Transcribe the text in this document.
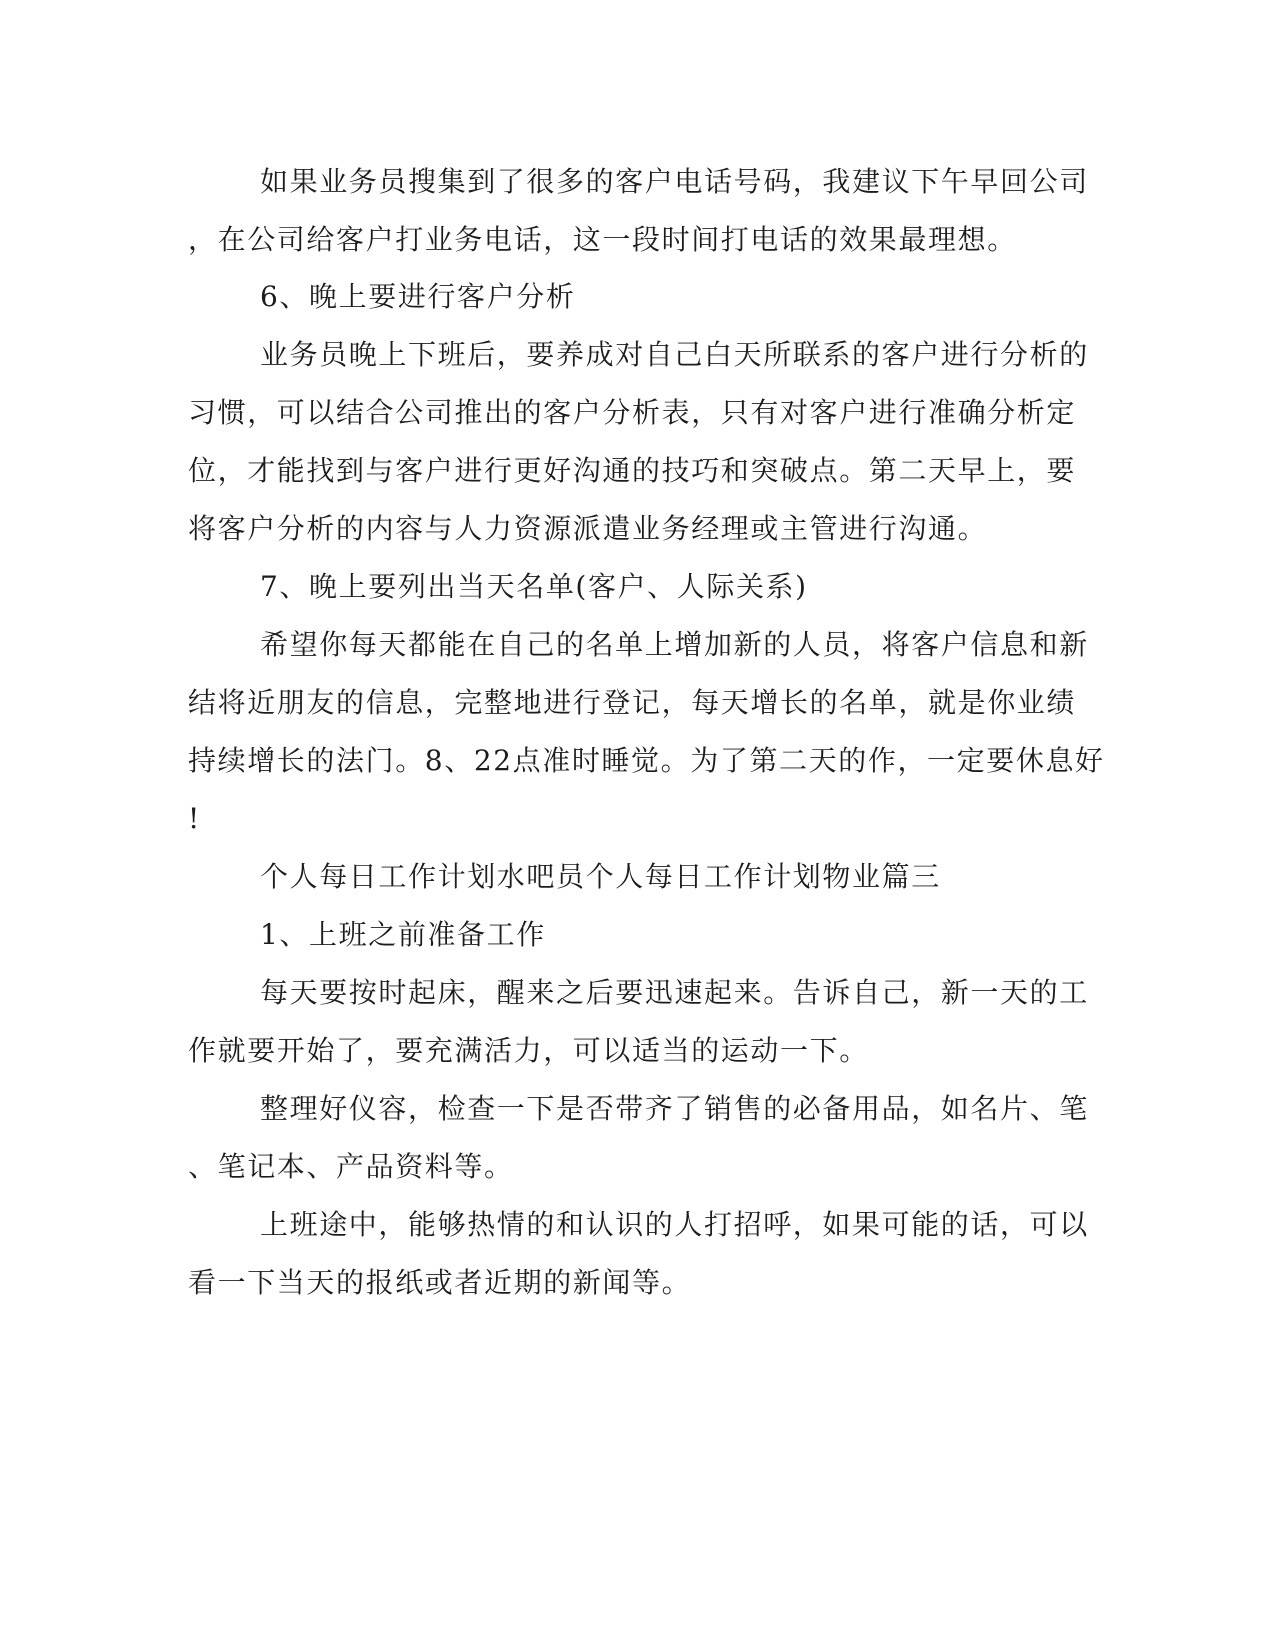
如果业务员搜集到了很多的客户电话号码，我建议下午早回公司
，在公司给客户打业务电话，这一段时间打电话的效果最理想。
6、晚上要进行客户分析
业务员晚上下班后，要养成对自己白天所联系的客户进行分析的
习惯，可以结合公司推出的客户分析表，只有对客户进行准确分析定
位，才能找到与客户进行更好沟通的技巧和突破点。第二天早上，要
将客户分析的内容与人力资源派遣业务经理或主管进行沟通。
7、晚上要列出当天名单(客户、人际关系)
希望你每天都能在自己的名单上增加新的人员，将客户信息和新
结将近朋友的信息，完整地进行登记，每天增长的名单，就是你业绩
持续增长的法门。8、22点准时睡觉。为了第二天的作，一定要休息好
!
个人每日工作计划水吧员个人每日工作计划物业篇三
1、上班之前准备工作
每天要按时起床，醒来之后要迅速起来。告诉自己，新一天的工
作就要开始了，要充满活力，可以适当的运动一下。
整理好仪容，检查一下是否带齐了销售的必备用品，如名片、笔
、笔记本、产品资料等。
上班途中，能够热情的和认识的人打招呼，如果可能的话，可以
看一下当天的报纸或者近期的新闻等。
